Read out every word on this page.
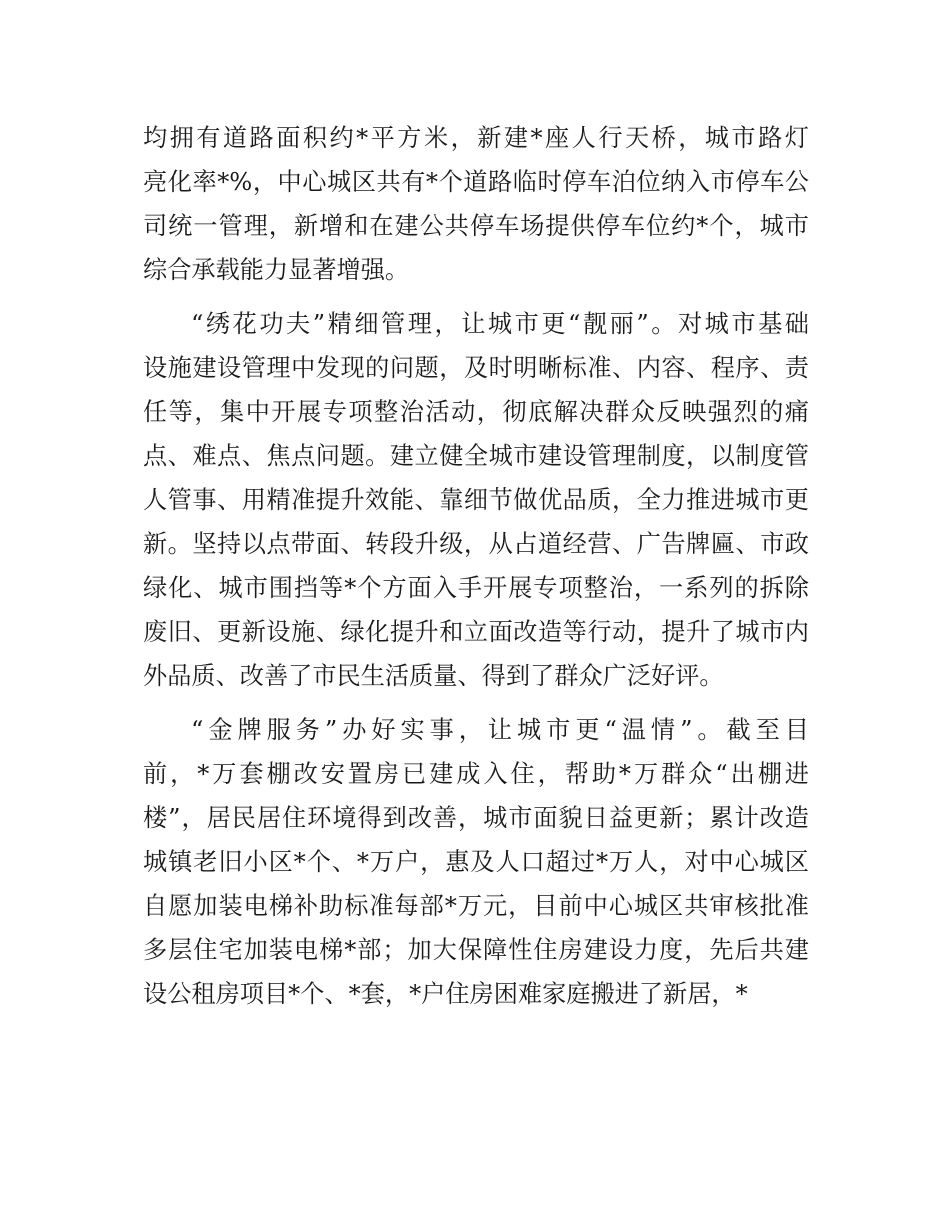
均拥有道路面积约*平方米，新建*座人行天桥，城市路灯
亮化率*%，中心城区共有*个道路临时停车泊位纳入市停车公
司统一管理，新增和在建公共停车场提供停车位约*个，城市
综合承载能力显著增强。
“绣花功夫”精细管理，让城市更“靓丽”。对城市基础
设施建设管理中发现的问题，及时明晰标准、内容、程序、责
任等，集中开展专项整治活动，彻底解决群众反映强烈的痛
点、难点、焦点问题。建立健全城市建设管理制度，以制度管
人管事、用精准提升效能、靠细节做优品质，全力推进城市更
新。坚持以点带面、转段升级，从占道经营、广告牌匾、市政
绿化、城市围挡等*个方面入手开展专项整治，一系列的拆除
废旧、更新设施、绿化提升和立面改造等行动，提升了城市内
外品质、改善了市民生活质量、得到了群众广泛好评。
“金牌服务”办好实事，让城市更“温情”。截至目
前，*万套棚改安置房已建成入住，帮助*万群众“出棚进
楼”，居民居住环境得到改善，城市面貌日益更新；累计改造
城镇老旧小区*个、*万户，惠及人口超过*万人，对中心城区
自愿加装电梯补助标准每部*万元，目前中心城区共审核批准
多层住宅加装电梯*部；加大保障性住房建设力度，先后共建
设公租房项目*个、*套，*户住房困难家庭搬进了新居，*
